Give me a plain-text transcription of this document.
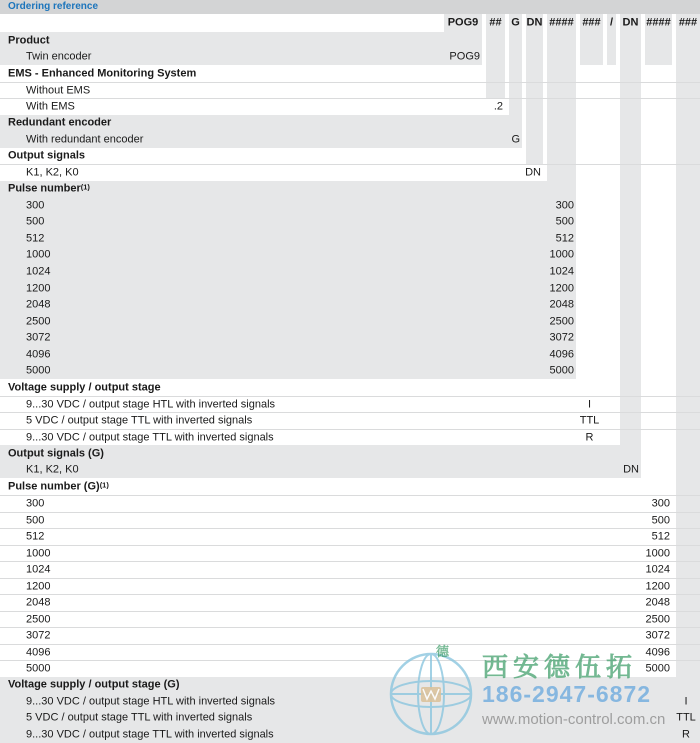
Ordering reference
POG9	## G DN #### ### / DN #### ###
Product
Twin encoder	POG9
EMS - Enhanced Monitoring System
Without EMS
With EMS	.2
Redundant encoder
With redundant encoder	G
Output signals
K1, K2, K0	DN
Pulse number$^{(1)}$
300	300
500	500
512	512
1000	1000
1024	1024
1200	1200
2048	2048
2500	2500
3072	3072
4096	4096
5000	5000
Voltage supply / output stage
9...30 VDC / output stage HTL with inverted signals	I
5 VDC / output stage TTL with inverted signals	TTL
9...30 VDC / output stage TTL with inverted signals	R
Output signals (G)
K1, K2, K0	DN
Pulse number $(G)^{(1)}$
300	300
500	500
512	512
1000	1000
1024	1024
1200	1200
2048	2048
2500	2500
3072	3072
4096	4096
5000	5000
Voltage supply / output stage (G)
9...30 VDC / output stage HTL with inverted signals	I
5 VDC / output stage TTL with inverted signals	TTL
9...30 VDC / output stage TTL with inverted signals	R
德
西安德伍拓
186-2947-6872
www.motion-control.com.cn
